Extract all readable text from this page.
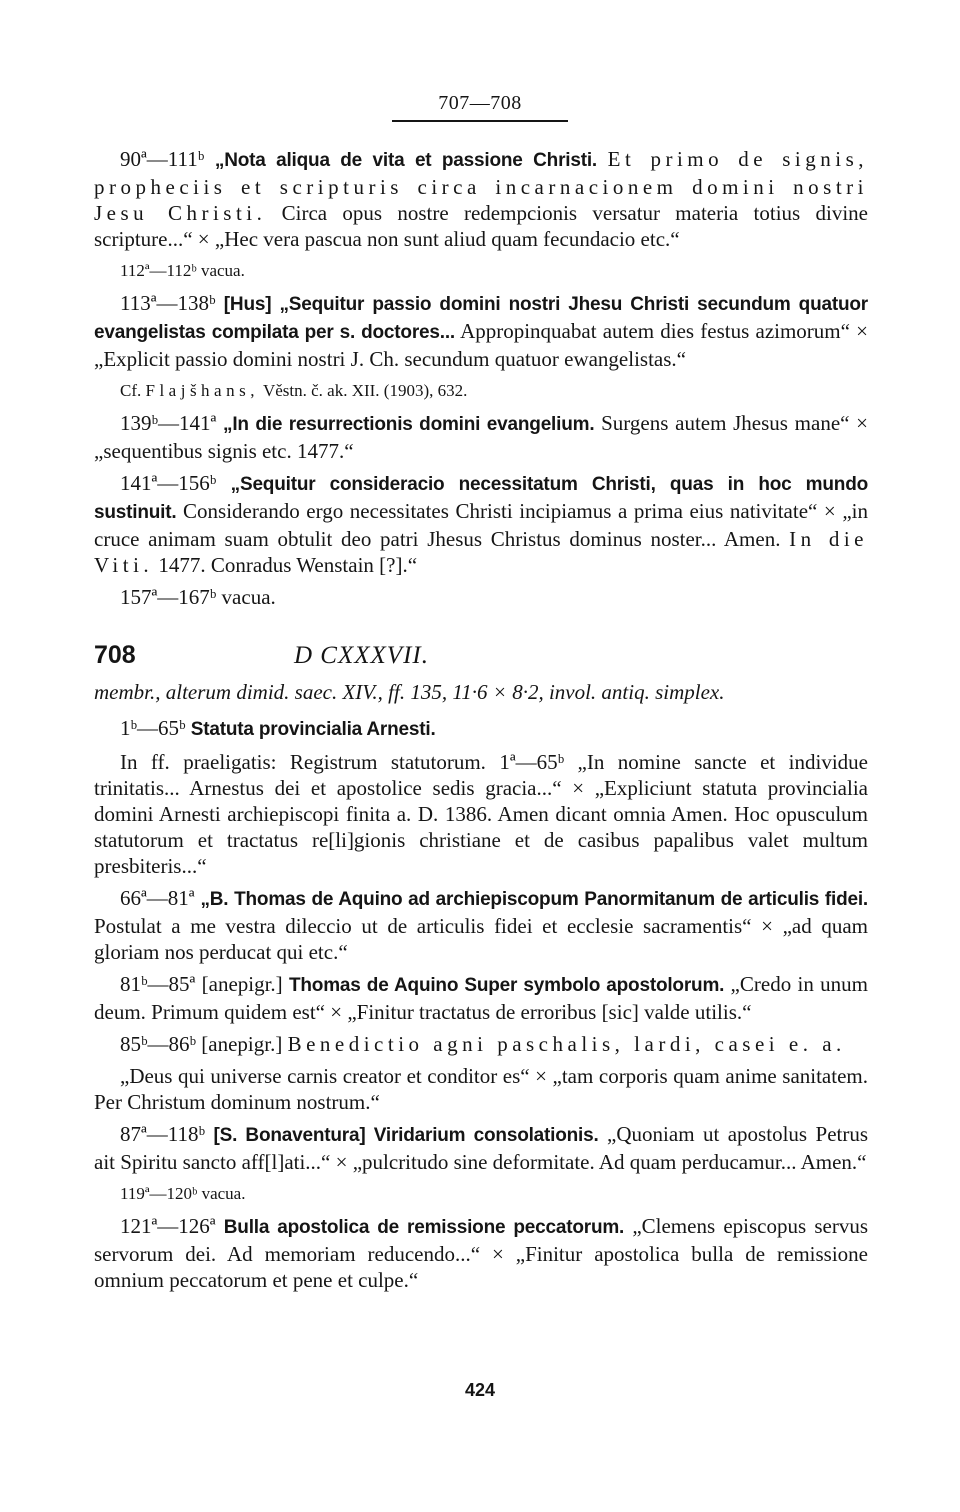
707—708

90ª—111ᵇ „Nota aliqua de vita et passione Christi. Et primo de signis, propheciis et scripturis circa incarnacionem domini nostri Jesu Christi. Circa opus nostre redempcionis versatur materia totius divine scripture...“ × „Hec vera pascua non sunt aliud quam fecundacio etc.“

112ª—112ᵇ vacua.

113ª—138ᵇ [Hus] „Sequitur passio domini nostri Jhesu Christi secundum quatuor evangelistas compilata per s. doctores... Appropinquabat autem dies festus azimorum“ × „Explicit passio domini nostri J. Ch. secundum quatuor ewangelistas.“

Cf. Flajšhans, Věstn. č. ak. XII. (1903), 632.

139ᵇ—141ª „In die resurrectionis domini evangelium. Surgens autem Jhesus mane“ × „sequentibus signis etc. 1477.“

141ª—156ᵇ „Sequitur consideracio necessitatum Christi, quas in hoc mundo sustinuit. Considerando ergo necessitates Christi incipiamus a prima eius nativitate“ × „in cruce animam suam obtulit deo patri Jhesus Christus dominus noster... Amen. In die Viti. 1477. Conradus Wenstain [?].“

157ª—167ᵇ vacua.

708	D CXXXVII.

membr., alterum dimid. saec. XIV., ff. 135, 11·6 × 8·2, invol. antiq. simplex.

1ᵇ—65ᵇ Statuta provincialia Arnesti.

In ff. praeligatis: Registrum statutorum. 1ª—65ᵇ „In nomine sancte et individue trinitatis... Arnestus dei et apostolice sedis gracia...“ × „Expliciunt statuta provincialia domini Arnesti archiepiscopi finita a. D. 1386. Amen dicant omnia Amen. Hoc opusculum statutorum et tractatus re[li]gionis christiane et de casibus papalibus valet multum presbiteris...“

66ª—81ª „B. Thomas de Aquino ad archiepiscopum Panormitanum de articulis fidei. Postulat a me vestra dileccio ut de articulis fidei et ecclesie sacramentis“ × „ad quam gloriam nos perducat qui etc.“

81ᵇ—85ª [anepigr.] Thomas de Aquino Super symbolo apostolorum. „Credo in unum deum. Primum quidem est“ × „Finitur tractatus de erroribus [sic] valde utilis.“

85ᵇ—86ᵇ [anepigr.] Benedictio agni paschalis, lardi, casei e. a.

„Deus qui universe carnis creator et conditor es“ × „tam corporis quam anime sanitatem. Per Christum dominum nostrum.“

87ª—118ᵇ [S. Bonaventura] Viridarium consolationis. „Quoniam ut apostolus Petrus ait Spiritu sancto aff[l]ati...“ × „pulcritudo sine deformitate. Ad quam perducamur... Amen.“

119ª—120ᵇ vacua.

121ª—126ª Bulla apostolica de remissione peccatorum. „Clemens episcopus servus servorum dei. Ad memoriam reducendo...“ × „Finitur apostolica bulla de remissione omnium peccatorum et pene et culpe.“

424
